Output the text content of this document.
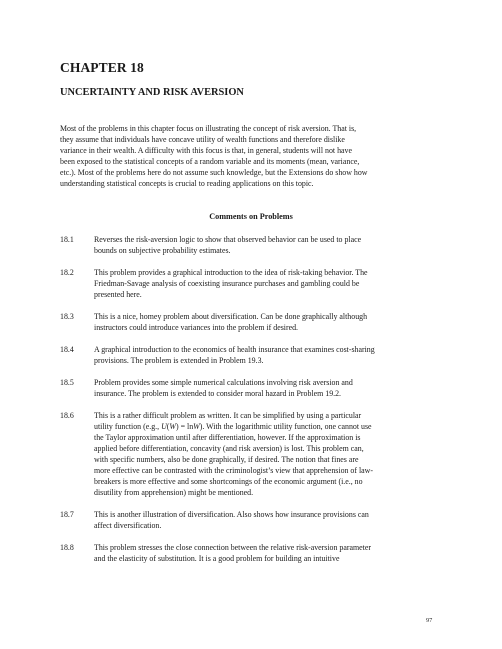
CHAPTER 18
UNCERTAINTY AND RISK AVERSION
Most of the problems in this chapter focus on illustrating the concept of risk aversion. That is,
they assume that individuals have concave utility of wealth functions and therefore dislike
variance in their wealth. A difficulty with this focus is that, in general, students will not have
been exposed to the statistical concepts of a random variable and its moments (mean, variance,
etc.). Most of the problems here do not assume such knowledge, but the Extensions do show how
understanding statistical concepts is crucial to reading applications on this topic.
Comments on Problems
18.1	Reverses the risk-aversion logic to show that observed behavior can be used to place
bounds on subjective probability estimates.
18.2	This problem provides a graphical introduction to the idea of risk-taking behavior. The
Friedman-Savage analysis of coexisting insurance purchases and gambling could be
presented here.
18.3	This is a nice, homey problem about diversification. Can be done graphically although
instructors could introduce variances into the problem if desired.
18.4	A graphical introduction to the economics of health insurance that examines cost-sharing
provisions. The problem is extended in Problem 19.3.
18.5	Problem provides some simple numerical calculations involving risk aversion and
insurance. The problem is extended to consider moral hazard in Problem 19.2.
18.6	This is a rather difficult problem as written. It can be simplified by using a particular
utility function (e.g., U(W) = lnW). With the logarithmic utility function, one cannot use
the Taylor approximation until after differentiation, however. If the approximation is
applied before differentiation, concavity (and risk aversion) is lost. This problem can,
with specific numbers, also be done graphically, if desired. The notion that fines are
more effective can be contrasted with the criminologist’s view that apprehension of law-
breakers is more effective and some shortcomings of the economic argument (i.e., no
disutility from apprehension) might be mentioned.
18.7	This is another illustration of diversification. Also shows how insurance provisions can
affect diversification.
18.8	This problem stresses the close connection between the relative risk-aversion parameter
and the elasticity of substitution. It is a good problem for building an intuitive
97
